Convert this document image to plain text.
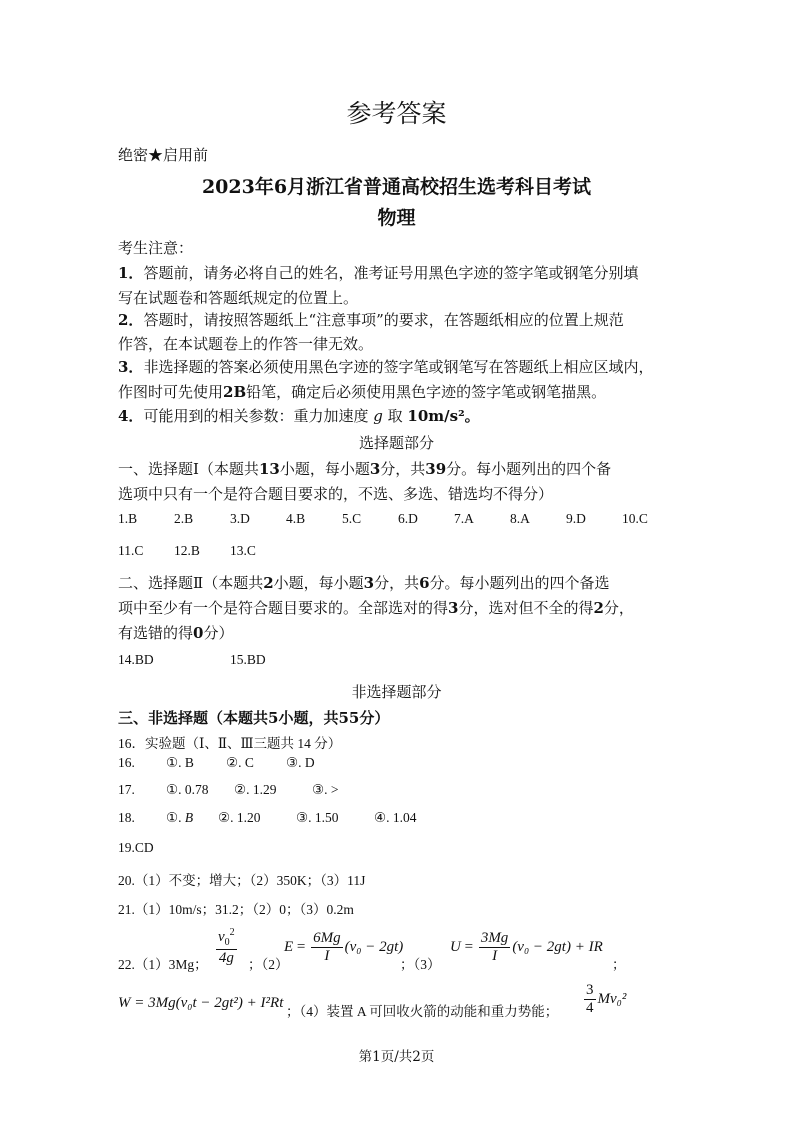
参考答案
绝密★启用前
2023年6月浙江省普通高校招生选考科目考试
物理
考生注意：
1．答题前，请务必将自己的姓名，准考证号用黑色字迹的签字笔或钢笔分别填
写在试题卷和答题纸规定的位置上。
2．答题时，请按照答题纸上“注意事项”的要求，在答题纸相应的位置上规范
作答，在本试题卷上的作答一律无效。
3．非选择题的答案必须使用黑色字迹的签字笔或钢笔写在答题纸上相应区域内，
作图时可先使用2B铅笔，确定后必须使用黑色字迹的签字笔或钢笔描黑。
4．可能用到的相关参数：重力加速度 g 取 10m/s²。
选择题部分
一、选择题Ⅰ（本题共13小题，每小题3分，共39分。每小题列出的四个备
选项中只有一个是符合题目要求的，不选、多选、错选均不得分）
1.B	2.B	3.D	4.B	5.C	6.D	7.A	8.A	9.D	10.C
11.C 12.B 13.C
二、选择题Ⅱ（本题共2小题，每小题3分，共6分。每小题列出的四个备选
项中至少有一个是符合题目要求的。全部选对的得3分，选对但不全的得2分，
有选错的得0分）
14.BD	15.BD
非选择题部分
三、非选择题（本题共5小题，共55分）
16．实验题（Ⅰ、Ⅱ、Ⅲ三题共 14 分）
16. ①. B ②. C ③. D
17. ①. 0.78 ②. 1.29	③. >
18. ①. B ②. 1.20	③. 1.50	④. 1.04
19.CD
20.（1）不变；增大；（2）350K；（3）11J
21.（1）10m/s；31.2；（2）0；（3）0.2m
22.（1）3Mg； $\frac{v_0^2}{4g}$ ；（2）
$E = \frac{6Mg}{I} (v_0 - 2gt)$
；（3）
$U = \frac{3Mg}{I} (v_0 - 2gt)$ + IR
；
W = 3Mg(v₀t − 2gt²) + I²Rt
；（4）装置 A 可回收火箭的动能和重力势能； $\frac{3}{4} Mv_0^2$
第1页/共2页
